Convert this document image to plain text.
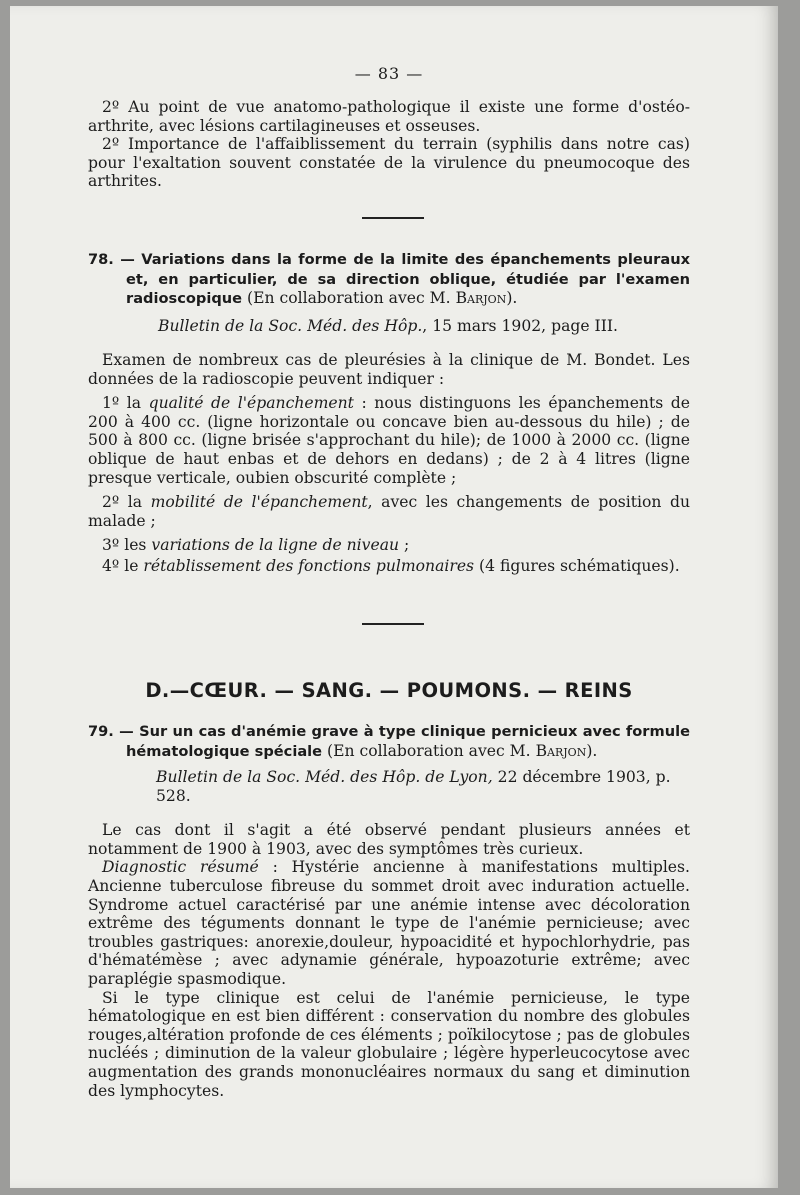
— 83 —

2º Au point de vue anatomo-pathologique il existe une forme d'ostéo-arthrite, avec lésions cartilagineuses et osseuses.

2º Importance de l'affaiblissement du terrain (syphilis dans notre cas) pour l'exaltation souvent constatée de la virulence du pneumocoque des arthrites.

78. — Variations dans la forme de la limite des épanchements pleuraux et, en particulier, de sa direction oblique, étudiée par l'examen radioscopique (En collaboration avec M. Barjon).

Bulletin de la Soc. Méd. des Hôp., 15 mars 1902, page III.

Examen de nombreux cas de pleurésies à la clinique de M. Bondet. Les données de la radioscopie peuvent indiquer :

1º la qualité de l'épanchement : nous distinguons les épanchements de 200 à 400 cc. (ligne horizontale ou concave bien au-dessous du hile) ; de 500 à 800 cc. (ligne brisée s'approchant du hile); de 1000 à 2000 cc. (ligne oblique de haut enbas et de dehors en dedans) ; de 2 à 4 litres (ligne presque verticale, oubien obscurité complète ;

2º la mobilité de l'épanchement, avec les changements de position du malade ;

3º les variations de la ligne de niveau ;

4º le rétablissement des fonctions pulmonaires (4 figures schématiques).

D.—CŒUR. — SANG. — POUMONS. — REINS

79. — Sur un cas d'anémie grave à type clinique pernicieux avec formule hématologique spéciale (En collaboration avec M. Barjon).

Bulletin de la Soc. Méd. des Hôp. de Lyon, 22 décembre 1903, p. 528.

Le cas dont il s'agit a été observé pendant plusieurs années et notamment de 1900 à 1903, avec des symptômes très curieux.

Diagnostic résumé : Hystérie ancienne à manifestations multiples. Ancienne tuberculose fibreuse du sommet droit avec induration actuelle. Syndrome actuel caractérisé par une anémie intense avec décoloration extrême des téguments donnant le type de l'anémie pernicieuse; avec troubles gastriques: anorexie,douleur, hypoacidité et hypochlorhydrie, pas d'hématémèse ; avec adynamie générale, hypoazoturie extrême; avec paraplégie spasmodique.

Si le type clinique est celui de l'anémie pernicieuse, le type hématologique en est bien différent : conservation du nombre des globules rouges,altération profonde de ces éléments ; poïkilocytose ; pas de globules nucléés ; diminution de la valeur globulaire ; légère hyperleucocytose avec augmentation des grands mononucléaires normaux du sang et diminution des lymphocytes.
